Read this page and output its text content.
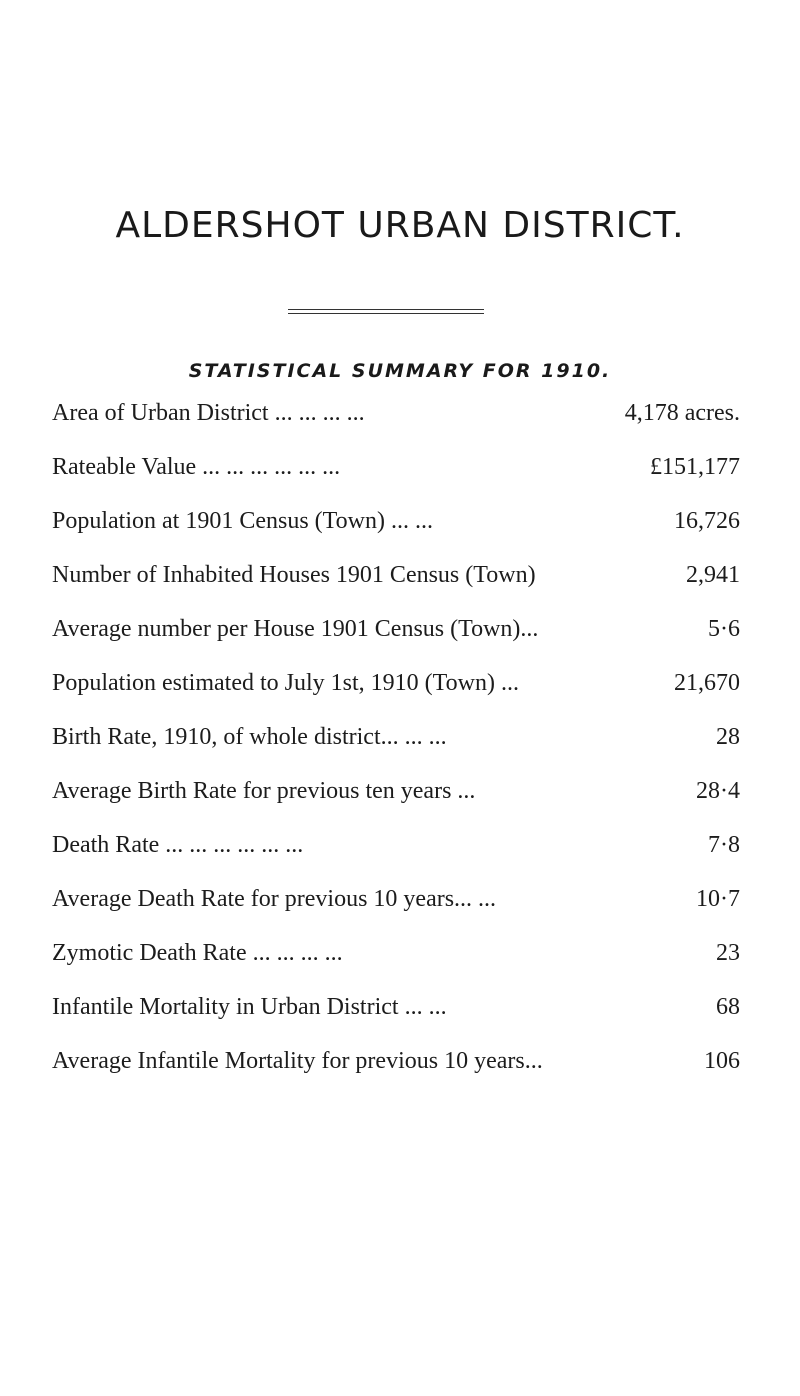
ALDERSHOT URBAN DISTRICT.
STATISTICAL SUMMARY FOR 1910.
Area of Urban District ... ... ... ...	4,178 acres.
Rateable Value ... ... ... ... ... ...	£151,177
Population at 1901 Census (Town) ... ...	16,726
Number of Inhabited Houses 1901 Census (Town)	2,941
Average number per House 1901 Census (Town)...	5·6
Population estimated to July 1st, 1910 (Town) ...	21,670
Birth Rate, 1910, of whole district... ... ...	28
Average Birth Rate for previous ten years ...	28·4
Death Rate ... ... ... ... ... ...	7·8
Average Death Rate for previous 10 years... ...	10·7
Zymotic Death Rate ... ... ... ...	23
Infantile Mortality in Urban District ... ...	68
Average Infantile Mortality for previous 10 years...	106
